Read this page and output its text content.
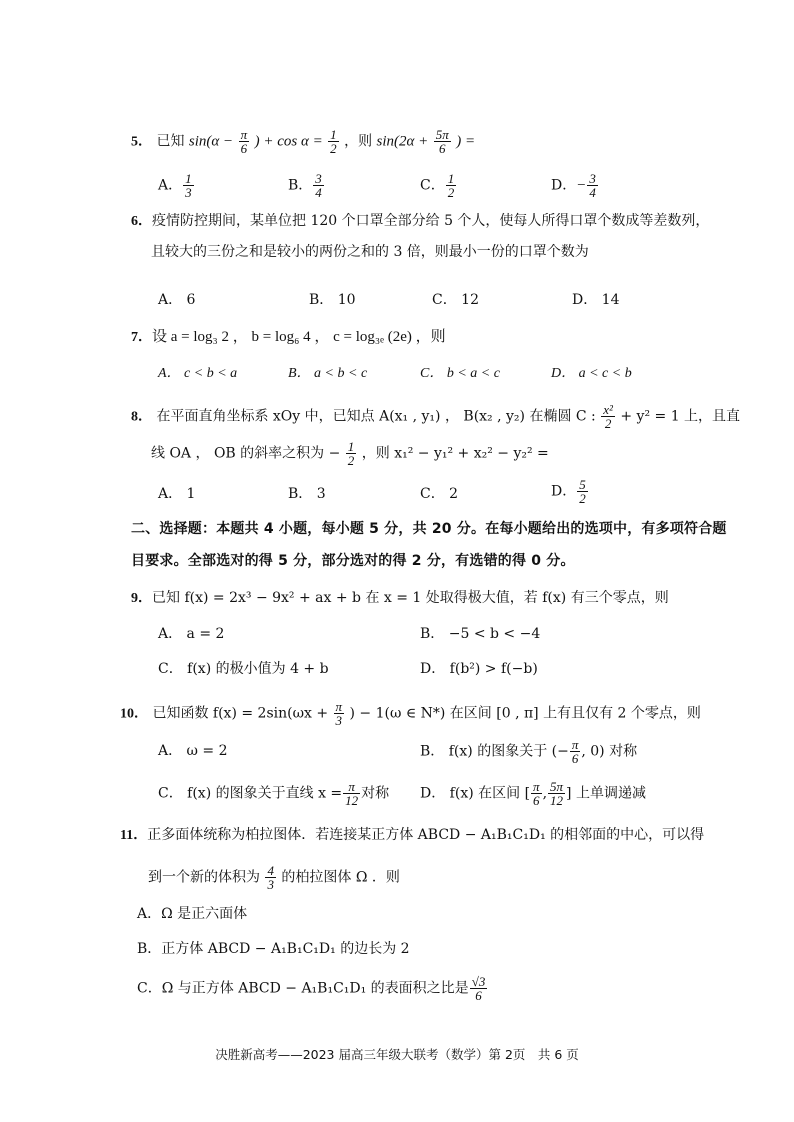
5． 已知 $\sin(\alpha - \frac{\pi}{6}$ ) + $\cos \alpha = \frac{1}{2}$ ，则 $\sin(2\alpha + \frac{5\pi}{6}$ ) =
A． $\frac{1}{3}$	B． $\frac{3}{4}$	C． $\frac{1}{2}$	D．− $\frac{3}{4}$
6．疫情防控期间，某单位把 120 个口罩全部分给 5 个人，使每人所得口罩个数成等差数列，
且较大的三份之和是较小的两份之和的 3 倍，则最小一份的口罩个数为
A． 6	B． 10	C． 12	D． 14
7．设 a = log₃ 2 ， b = log₆ 4 ， c = log₃ₑ (2e) ，则
A． c < b < a	B． a < b < c	C． b < a < c	D． a < c < b
8． 在平面直角坐标系 xOy 中，已知点 A(x₁ , y₁) ， B(x₂ , y₂) 在椭圆 C : $\frac{\text{x²}}{2} + y^2 = 1$ 上，且直
线 OA ， OB 的斜率之积为 − $\frac{1}{2}$ ，则 x₁² − y₁² + x₂² − y₂² =
A． 1	B． 3	C． 2	D． $\frac{5}{2}$
二、选择题：本题共 4 小题，每小题 5 分，共 20 分。在每小题给出的选项中，有多项符合题
目要求。全部选对的得 5 分，部分选对的得 2 分，有选错的得 0 分。
9．已知 f(x) = 2x³ − 9x² + ax + b 在 x = 1 处取得极大值，若 f(x) 有三个零点，则
A． a = 2	B． −5 < b < −4
C． f(x) 的极小值为 4 + b	D． f(b²) > f(−b)
10． 已知函数 $f(x) = 2\sin(\omega x + \frac{\pi}{3}$ ) − 1(ω ∈ N*) 在区间 [0 , π] 上有且仅有 2 个零点，则
A． ω = 2	B． f(x) 的图象关于 (− $\frac{\pi}{6}$ , 0) 对称
C． f(x) 的图象关于直线 $x = \frac{\pi}{12}$ 对称 D． f(x) 在区间 [ $\frac{\pi}{6}$ , $\frac{5\pi}{12}$ ] 上单调递减
11．正多面体统称为柏拉图体．若连接某正方体 ABCD − A₁B₁C₁D₁ 的相邻面的中心，可以得
到一个新的体积为 $\frac{4}{3}$ 的柏拉图体 Ω ．则
A．Ω 是正六面体
B．正方体 ABCD − A₁B₁C₁D₁ 的边长为 2
C．Ω 与正方体 ABCD − A₁B₁C₁D₁ 的表面积之比是 $\frac{√3}{6}$
决胜新高考——2023 届高三年级大联考（数学）第 2页　共 6 页
